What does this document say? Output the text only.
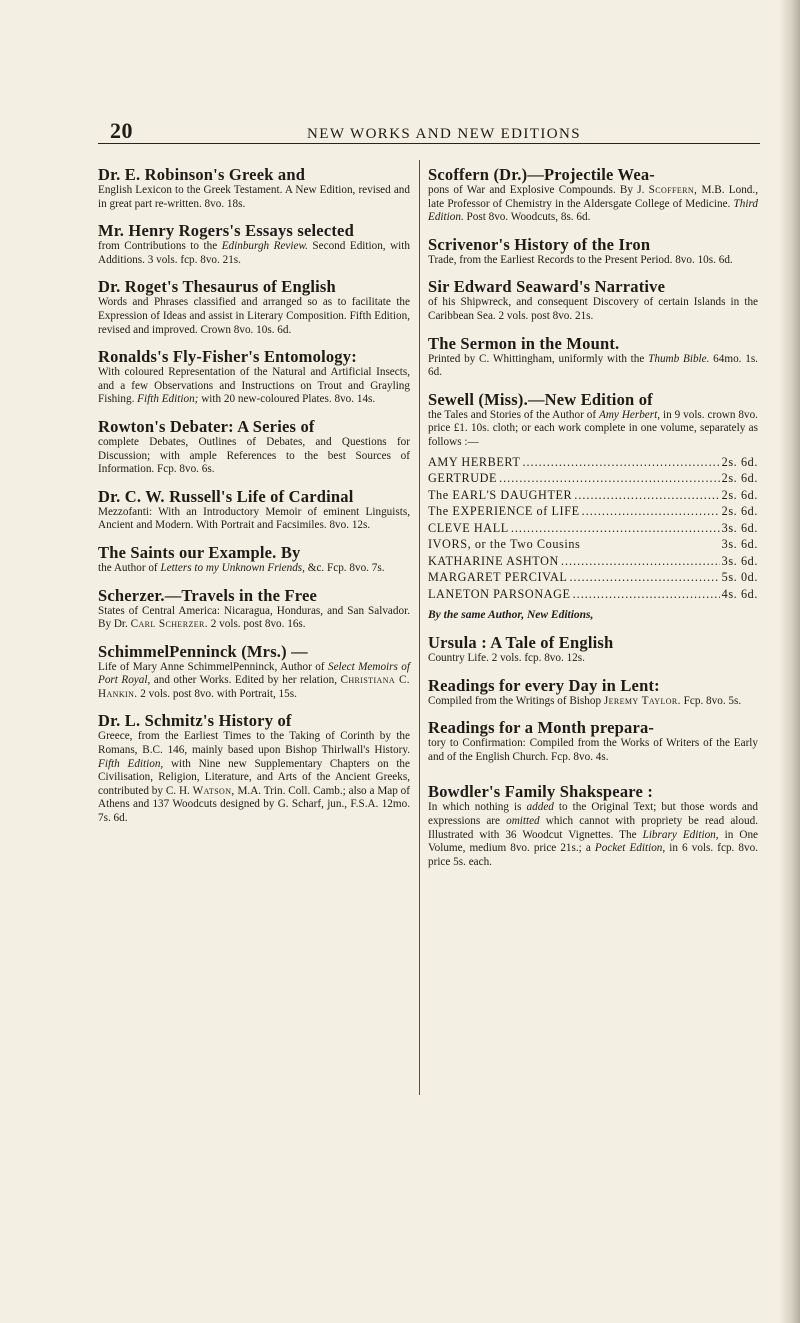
20	NEW WORKS AND NEW EDITIONS
Dr. E. Robinson's Greek and
English Lexicon to the Greek Testament. A New Edition, revised and in great part re-written. 8vo. 18s.
Mr. Henry Rogers's Essays selected
from Contributions to the Edinburgh Review. Second Edition, with Additions. 3 vols. fcp. 8vo. 21s.
Dr. Roget's Thesaurus of English
Words and Phrases classified and arranged so as to facilitate the Expression of Ideas and assist in Literary Composition. Fifth Edition, revised and improved. Crown 8vo. 10s. 6d.
Ronalds's Fly-Fisher's Entomology:
With coloured Representation of the Natural and Artificial Insects, and a few Observations and Instructions on Trout and Grayling Fishing. Fifth Edition; with 20 new-coloured Plates. 8vo. 14s.
Rowton's Debater: A Series of
complete Debates, Outlines of Debates, and Questions for Discussion; with ample References to the best Sources of Information. Fcp. 8vo. 6s.
Dr. C. W. Russell's Life of Cardinal
Mezzofanti: With an Introductory Memoir of eminent Linguists, Ancient and Modern. With Portrait and Facsimiles. 8vo. 12s.
The Saints our Example. By
the Author of Letters to my Unknown Friends, &c. Fcp. 8vo. 7s.
Scherzer.—Travels in the Free
States of Central America: Nicaragua, Honduras, and San Salvador. By Dr. Carl Scherzer. 2 vols. post 8vo. 16s.
SchimmelPenninck (Mrs.) —
Life of Mary Anne SchimmelPenninck, Author of Select Memoirs of Port Royal, and other Works. Edited by her relation, Christiana C. Hankin. 2 vols. post 8vo. with Portrait, 15s.
Dr. L. Schmitz's History of
Greece, from the Earliest Times to the Taking of Corinth by the Romans, B.C. 146, mainly based upon Bishop Thirlwall's History. Fifth Edition, with Nine new Supplementary Chapters on the Civilisation, Religion, Literature, and Arts of the Ancient Greeks, contributed by C. H. Watson, M.A. Trin. Coll. Camb.; also a Map of Athens and 137 Woodcuts designed by G. Scharf, jun., F.S.A. 12mo. 7s. 6d.
Scoffern (Dr.)—Projectile Wea-
pons of War and Explosive Compounds. By J. Scoffern, M.B. Lond., late Professor of Chemistry in the Aldersgate College of Medicine. Third Edition. Post 8vo. Woodcuts, 8s. 6d.
Scrivenor's History of the Iron
Trade, from the Earliest Records to the Present Period. 8vo. 10s. 6d.
Sir Edward Seaward's Narrative
of his Shipwreck, and consequent Discovery of certain Islands in the Caribbean Sea. 2 vols. post 8vo. 21s.
The Sermon in the Mount.
Printed by C. Whittingham, uniformly with the Thumb Bible. 64mo. 1s. 6d.
Sewell (Miss).—New Edition of
the Tales and Stories of the Author of Amy Herbert, in 9 vols. crown 8vo. price £1. 10s. cloth; or each work complete in one volume, separately as follows :—
AMY HERBERT .....	2s. 6d.
GERTRUDE .....	2s. 6d.
The EARL'S DAUGHTER .....	2s. 6d.
The EXPERIENCE of LIFE .....	2s. 6d.
CLEVE HALL .....	3s. 6d.
IVORS, or the Two Cousins	3s. 6d.
KATHARINE ASHTON .....	3s. 6d.
MARGARET PERCIVAL .....	5s. 0d.
LANETON PARSONAGE .....	4s. 6d.
By the same Author, New Editions,
Ursula : A Tale of English
Country Life. 2 vols. fcp. 8vo. 12s.
Readings for every Day in Lent:
Compiled from the Writings of Bishop Jeremy Taylor. Fcp. 8vo. 5s.
Readings for a Month prepara-
tory to Confirmation: Compiled from the Works of Writers of the Early and of the English Church. Fcp. 8vo. 4s.
Bowdler's Family Shakspeare :
In which nothing is added to the Original Text; but those words and expressions are omitted which cannot with propriety be read aloud. Illustrated with 36 Woodcut Vignettes. The Library Edition, in One Volume, medium 8vo. price 21s.; a Pocket Edition, in 6 vols. fcp. 8vo. price 5s. each.
